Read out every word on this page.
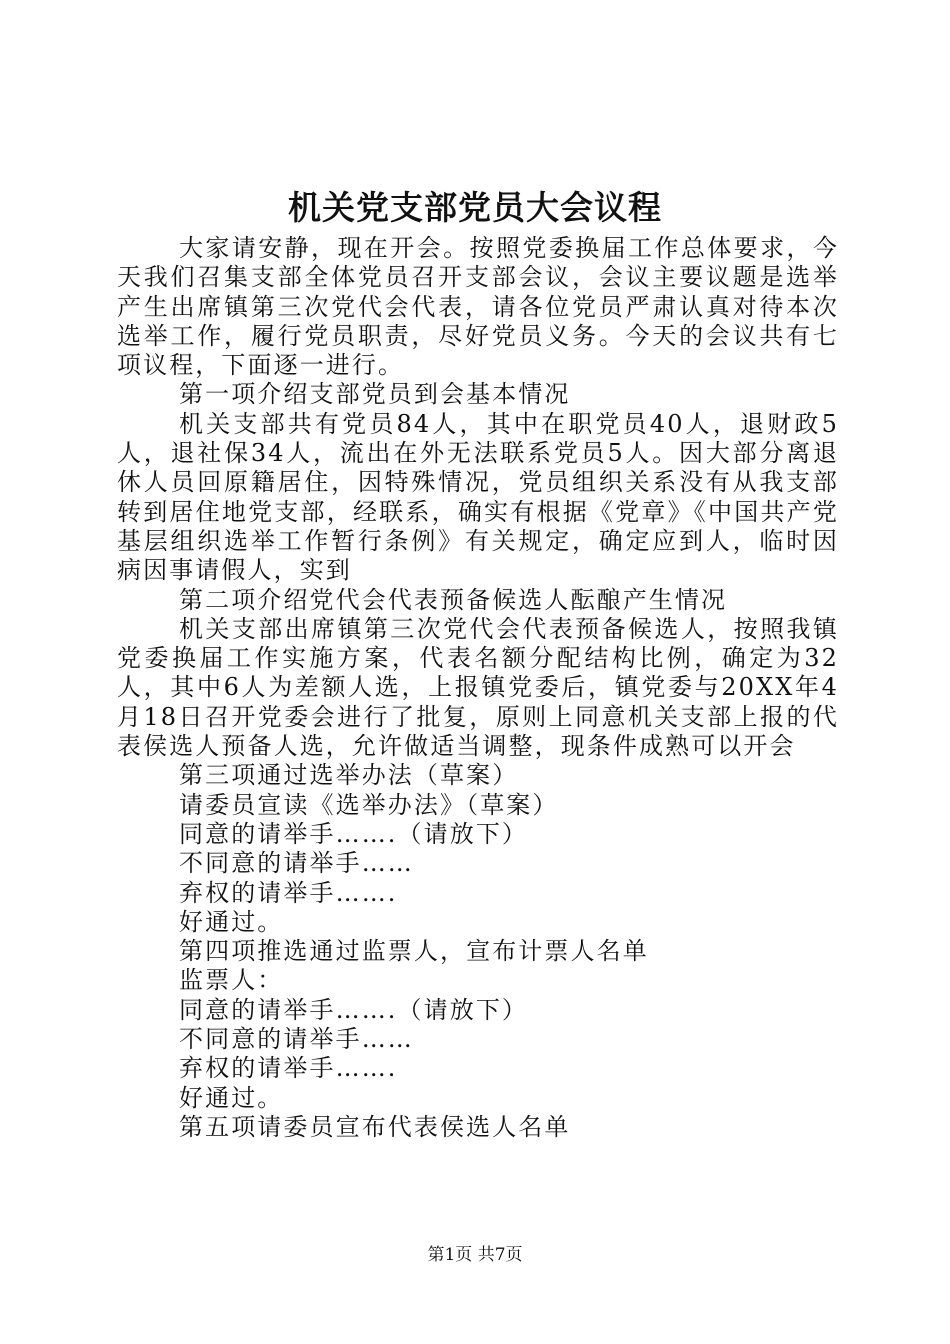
机关党支部党员大会议程

大家请安静，现在开会。按照党委换届工作总体要求，今天我们召集支部全体党员召开支部会议，会议主要议题是选举产生出席镇第三次党代会代表，请各位党员严肃认真对待本次选举工作，履行党员职责，尽好党员义务。今天的会议共有七项议程，下面逐一进行。

第一项介绍支部党员到会基本情况

机关支部共有党员84人，其中在职党员40人，退财政5人，退社保34人，流出在外无法联系党员5人。因大部分离退休人员回原籍居住，因特殊情况，党员组织关系没有从我支部转到居住地党支部，经联系，确实有根据《党章》《中国共产党基层组织选举工作暂行条例》有关规定，确定应到人，临时因病因事请假人，实到

第二项介绍党代会代表预备候选人酝酿产生情况

机关支部出席镇第三次党代会代表预备候选人，按照我镇党委换届工作实施方案，代表名额分配结构比例，确定为32人，其中6人为差额人选，上报镇党委后，镇党委与20XX年4月18日召开党委会进行了批复，原则上同意机关支部上报的代表侯选人预备人选，允许做适当调整，现条件成熟可以开会

第三项通过选举办法（草案）

请委员宣读《选举办法》（草案）

同意的请举手…….（请放下）

不同意的请举手……

弃权的请举手…….

好通过。

第四项推选通过监票人，宣布计票人名单

监票人：

同意的请举手…….（请放下）

不同意的请举手……

弃权的请举手…….

好通过。

第五项请委员宣布代表侯选人名单

第1页 共7页
